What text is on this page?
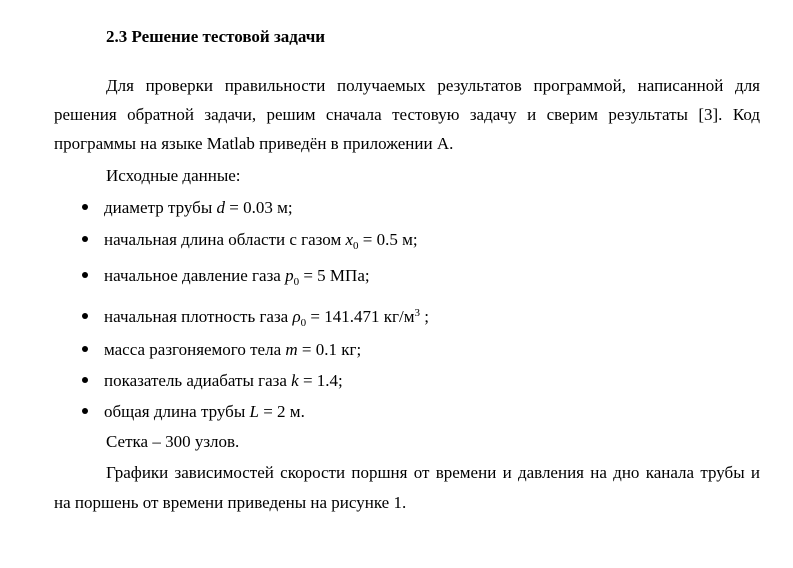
2.3 Решение тестовой задачи
Для проверки правильности получаемых результатов программой, написанной для
решения обратной задачи, решим сначала тестовую задачу и сверим результаты [3]. Код
программы на языке Matlab приведён в приложении А.
Исходные данные:
диаметр трубы d = 0.03 м;
начальная длина области с газом $x_0 = 0.5$ м;
начальное давление газа $p_0 = 5$ МПа;
начальная плотность газа $\rho_0 = 141.471$ $кг/м^3$ ;
масса разгоняемого тела m = 0.1 кг;
показатель адиабаты газа k = 1.4;
общая длина трубы L = 2 м.
Сетка – 300 узлов.
Графики зависимостей скорости поршня от времени и давления на дно канала трубы и
на поршень от времени приведены на рисунке 1.
